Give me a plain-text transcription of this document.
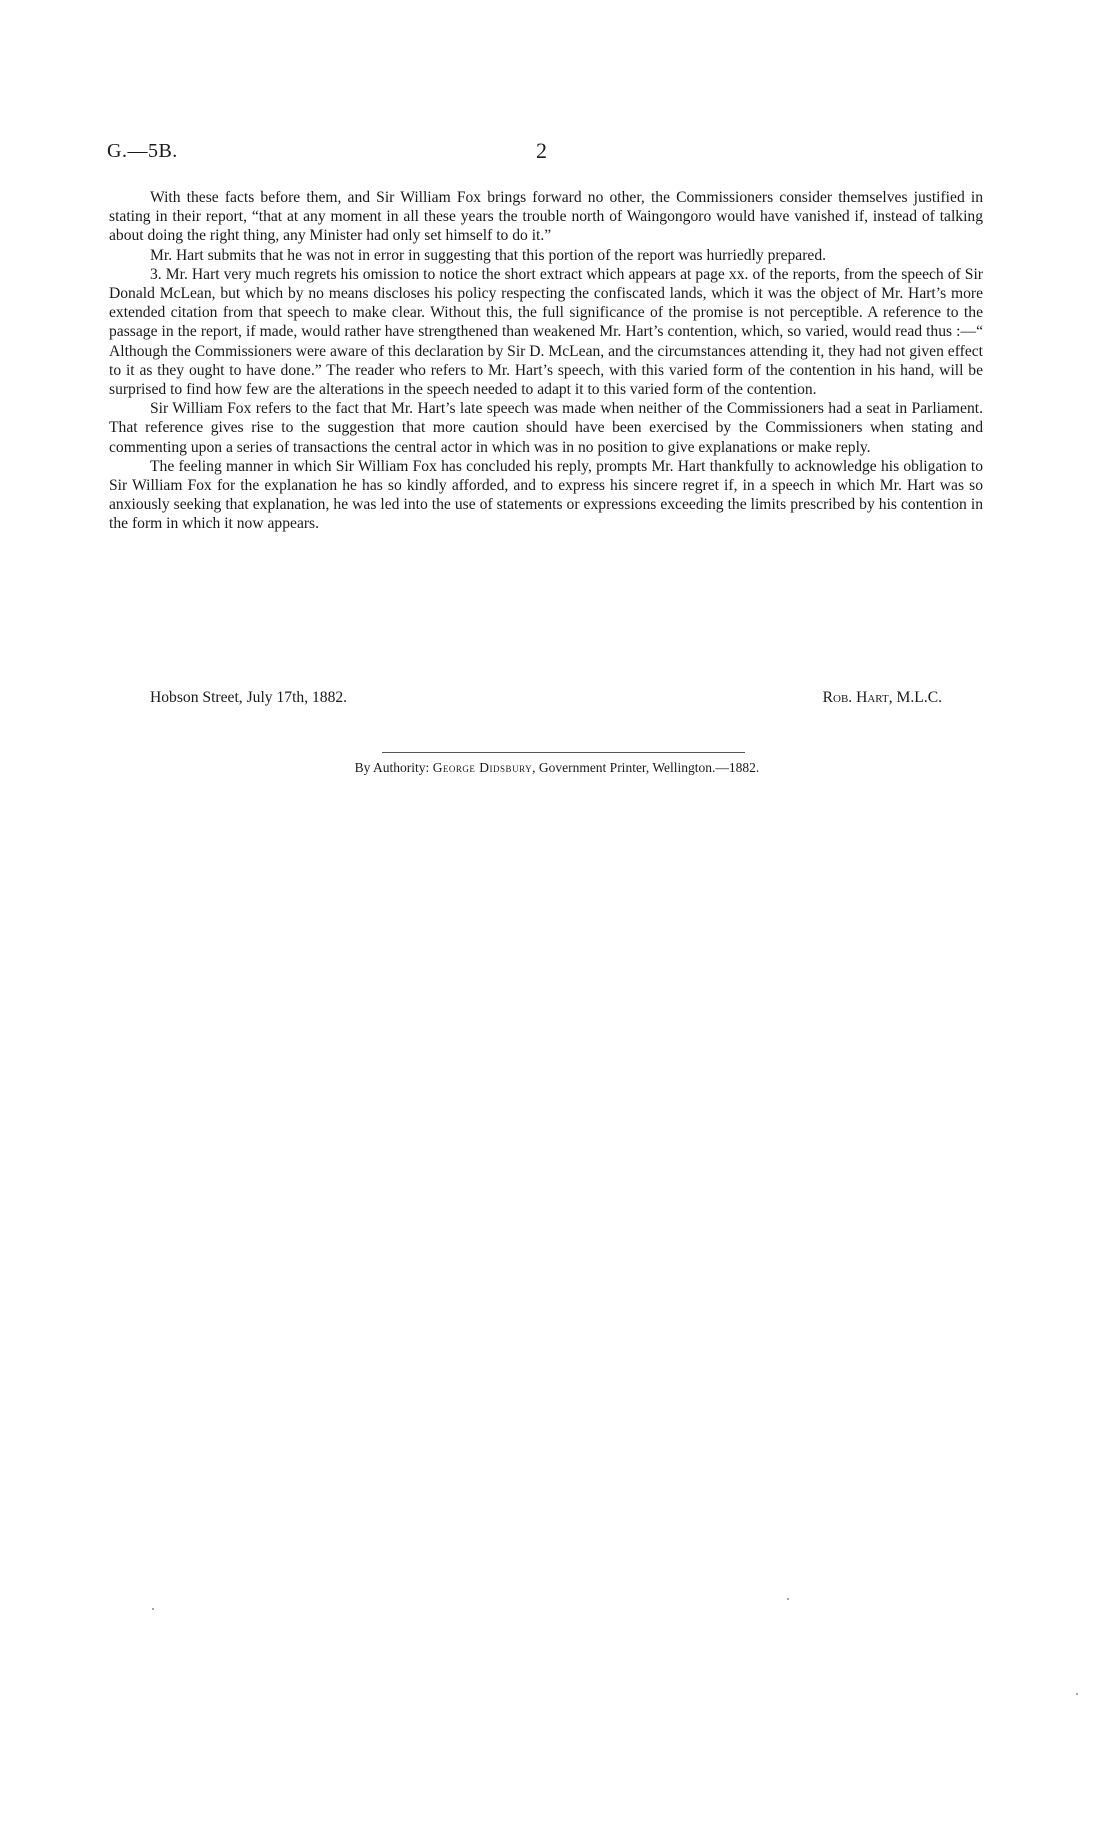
G.—5B.	2

With these facts before them, and Sir William Fox brings forward no other, the Commissioners consider themselves justified in stating in their report, “that at any moment in all these years the trouble north of Waingongoro would have vanished if, instead of talking about doing the right thing, any Minister had only set himself to do it.”

Mr. Hart submits that he was not in error in suggesting that this portion of the report was hurriedly prepared.

3. Mr. Hart very much regrets his omission to notice the short extract which appears at page xx. of the reports, from the speech of Sir Donald McLean, but which by no means discloses his policy respecting the confiscated lands, which it was the object of Mr. Hart’s more extended citation from that speech to make clear. Without this, the full significance of the promise is not perceptible. A reference to the passage in the report, if made, would rather have strengthened than weakened Mr. Hart’s contention, which, so varied, would read thus :—“ Although the Commissioners were aware of this declaration by Sir D. McLean, and the circumstances attending it, they had not given effect to it as they ought to have done.” The reader who refers to Mr. Hart’s speech, with this varied form of the contention in his hand, will be surprised to find how few are the alterations in the speech needed to adapt it to this varied form of the contention.

Sir William Fox refers to the fact that Mr. Hart’s late speech was made when neither of the Commissioners had a seat in Parliament. That reference gives rise to the suggestion that more caution should have been exercised by the Commissioners when stating and commenting upon a series of transactions the central actor in which was in no position to give explanations or make reply.

The feeling manner in which Sir William Fox has concluded his reply, prompts Mr. Hart thankfully to acknowledge his obligation to Sir William Fox for the explanation he has so kindly afforded, and to express his sincere regret if, in a speech in which Mr. Hart was so anxiously seeking that explanation, he was led into the use of statements or expressions exceeding the limits prescribed by his contention in the form in which it now appears.

Hobson Street, July 17th, 1882.	Rob. Hart, M.L.C.
By Authority: George Didsbury, Government Printer, Wellington.—1882.
